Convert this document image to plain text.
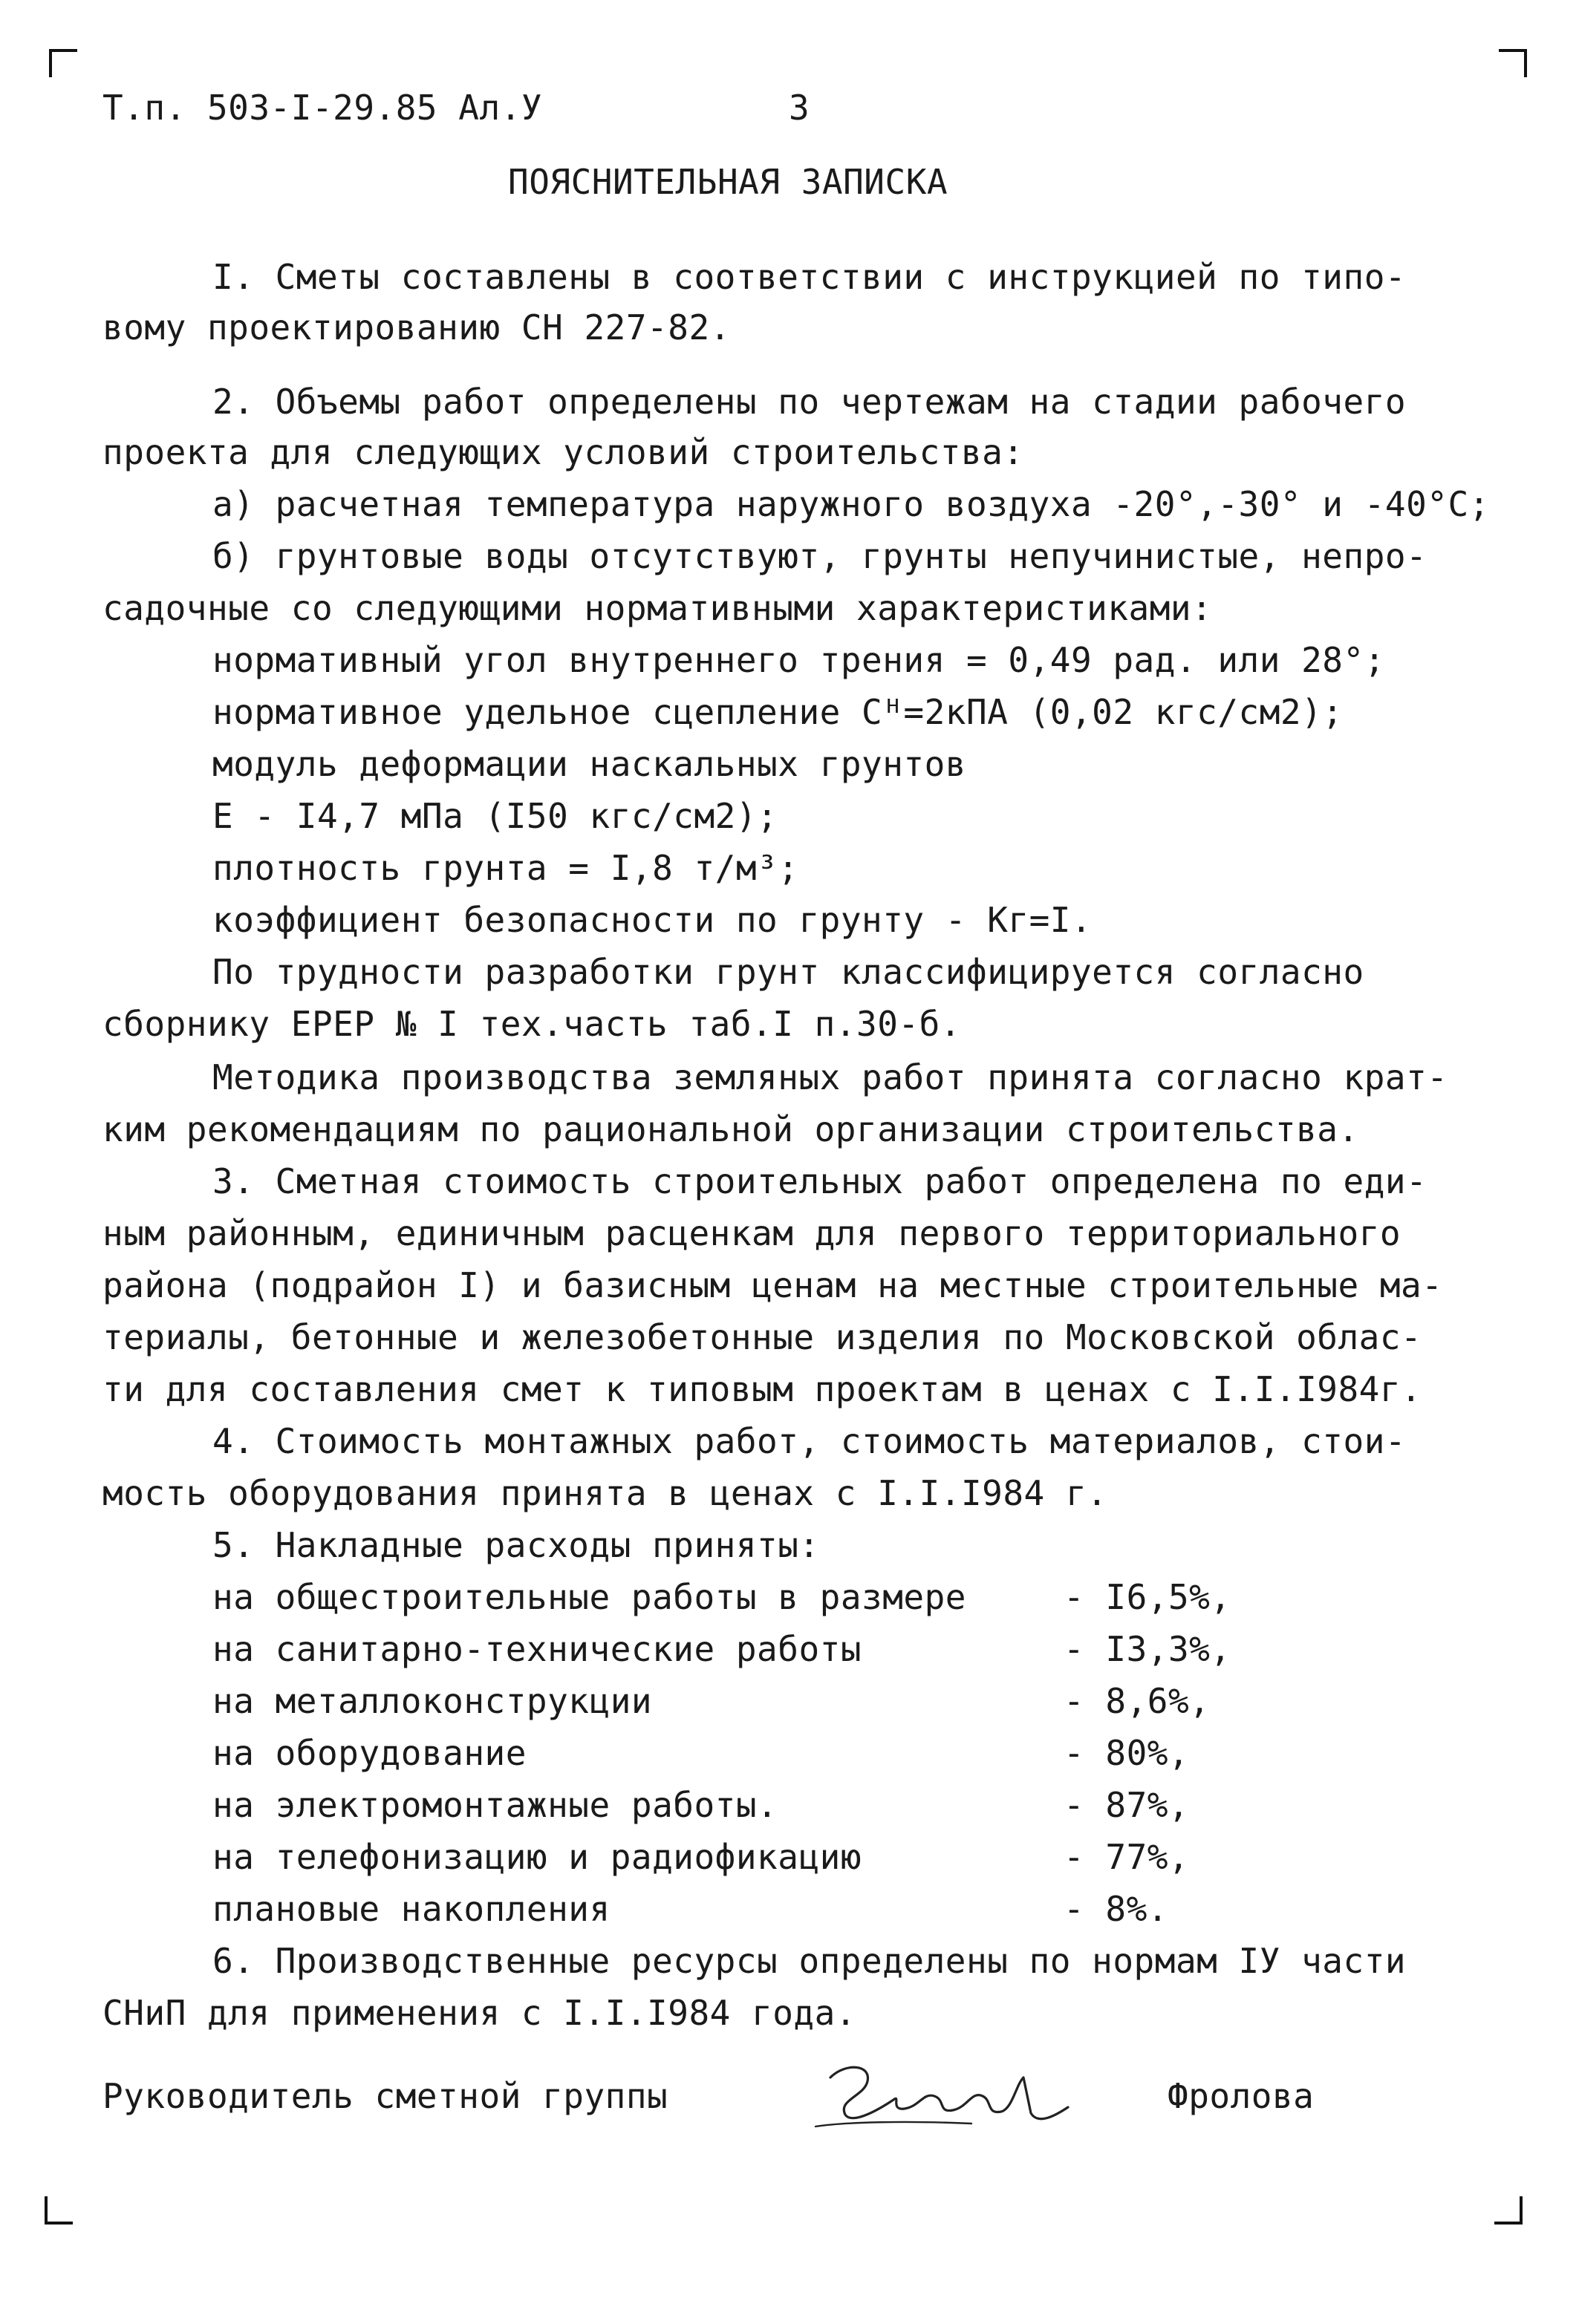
Т.п. 503-I-29.85 Ал.У	3
ПОЯСНИТЕЛЬНАЯ ЗАПИСКА
I. Сметы составлены в соответствии с инструкцией по типо-
вому проектированию СН 227-82.
2. Объемы работ определены по чертежам на стадии рабочего
проекта для следующих условий строительства:
а) расчетная температура наружного воздуха -20°,-30° и -40°С;
б) грунтовые воды отсутствуют, грунты непучинистые, непро-
садочные со следующими нормативными характеристиками:
нормативный угол внутреннего трения = 0,49 рад. или 28°;
нормативное удельное сцепление Сᴴ=2кПА (0,02 кгс/см2);
модуль деформации наскальных грунтов
Е - I4,7 мПа (I50 кгс/см2);
плотность грунта = I,8 т/м³;
коэффициент безопасности по грунту - Кг=I.
По трудности разработки грунт классифицируется согласно
сборнику ЕРЕР № I тех.часть таб.I п.30-б.
Методика производства земляных работ принята согласно крат-
ким рекомендациям по рациональной организации строительства.
3. Сметная стоимость строительных работ определена по еди-
ным районным, единичным расценкам для первого территориального
района (подрайон I) и базисным ценам на местные строительные ма-
териалы, бетонные и железобетонные изделия по Московской облас-
ти для составления смет к типовым проектам в ценах с I.I.I984г.
4. Стоимость монтажных работ, стоимость материалов, стои-
мость оборудования принята в ценах с I.I.I984 г.
5. Накладные расходы приняты:
на общестроительные работы в размере	- I6,5%,
на санитарно-технические работы	- I3,3%,
на металлоконструкции	- 8,6%,
на оборудование	- 80%,
на электромонтажные работы.	- 87%,
на телефонизацию и радиофикацию	- 77%,
плановые накопления	- 8%.
6. Производственные ресурсы определены по нормам IУ части
СНиП для применения с I.I.I984 года.
Руководитель сметной группы	Фролова
